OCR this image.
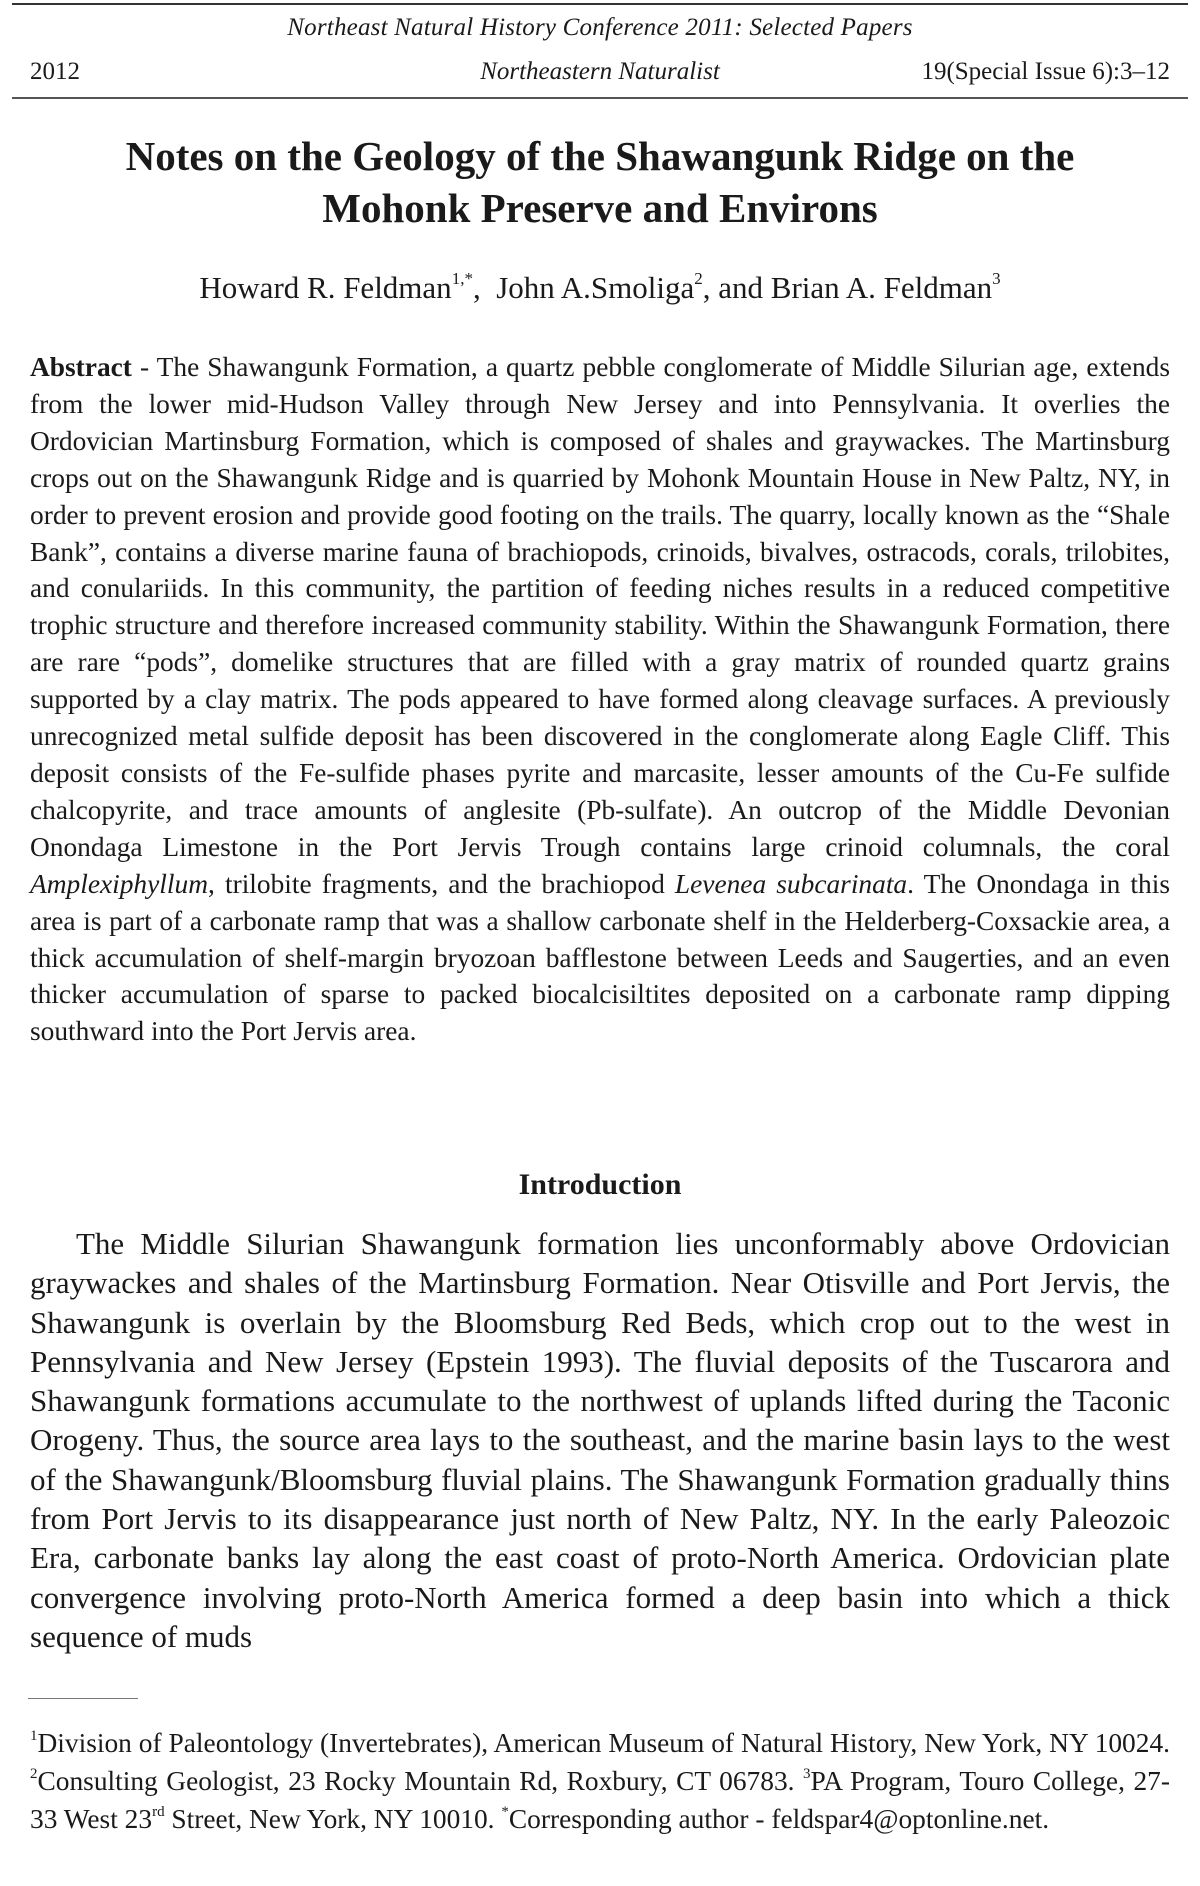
Northeast Natural History Conference 2011: Selected Papers
2012	Northeastern Naturalist	19(Special Issue 6):3–12
Notes on the Geology of the Shawangunk Ridge on the
Mohonk Preserve and Environs
Howard R. Feldman$^{1,*}$,  John A.Smoliga$^2$, and Brian A. Feldman$^3$

Abstract - The Shawangunk Formation, a quartz pebble conglomerate of Middle Silurian age, extends from the lower mid-Hudson Valley through New Jersey and into Pennsylvania. It overlies the Ordovician Martinsburg Formation, which is composed of shales and graywackes. The Martinsburg crops out on the Shawangunk Ridge and is quarried by Mohonk Mountain House in New Paltz, NY, in order to prevent erosion and provide good footing on the trails. The quarry, locally known as the “Shale Bank”, contains a diverse marine fauna of brachiopods, crinoids, bivalves, ostracods, corals, trilobites, and conulariids. In this community, the partition of feeding niches results in a reduced competitive trophic structure and therefore increased community stability. Within the Shawangunk Formation, there are rare “pods”, domelike structures that are filled with a gray matrix of rounded quartz grains supported by a clay matrix. The pods appeared to have formed along cleavage surfaces. A previously unrecognized metal sulfide deposit has been discovered in the conglomerate along Eagle Cliff. This deposit consists of the Fe-sulfide phases pyrite and marcasite, lesser amounts of the Cu-Fe sulfide chalcopyrite, and trace amounts of anglesite (Pb-sulfate). An outcrop of the Middle Devonian Onondaga Limestone in the Port Jervis Trough contains large crinoid columnals, the coral Amplexiphyllum, trilobite fragments, and the brachiopod Levenea subcarinata. The Onondaga in this area is part of a carbonate ramp that was a shallow carbonate shelf in the Helderberg-Coxsackie area, a thick accumulation of shelf-margin bryozoan bafflestone between Leeds and Saugerties, and an even thicker accumulation of sparse to packed biocalcisiltites deposited on a carbonate ramp dipping southward into the Port Jervis area.

Introduction

The Middle Silurian Shawangunk formation lies unconformably above Ordovician graywackes and shales of the Martinsburg Formation. Near Otisville and Port Jervis, the Shawangunk is overlain by the Bloomsburg Red Beds, which crop out to the west in Pennsylvania and New Jersey (Epstein 1993). The fluvial deposits of the Tuscarora and Shawangunk formations accumulate to the northwest of uplands lifted during the Taconic Orogeny. Thus, the source area lays to the southeast, and the marine basin lays to the west of the Shawangunk/Bloomsburg fluvial plains. The Shawangunk Formation gradually thins from Port Jervis to its disappearance just north of New Paltz, NY. In the early Paleozoic Era, carbonate banks lay along the east coast of proto-North America. Ordovician plate convergence involving proto-North America formed a deep basin into which a thick sequence of muds

$^1$Division of Paleontology (Invertebrates), American Museum of Natural History, New York, NY 10024. $^2$Consulting Geologist, 23 Rocky Mountain Rd, Roxbury, CT 06783. $^3$PA Program, Touro College, 27-33 West 23rd Street, New York, NY 10010. *Corresponding author - feldspar4@optonline.net.
